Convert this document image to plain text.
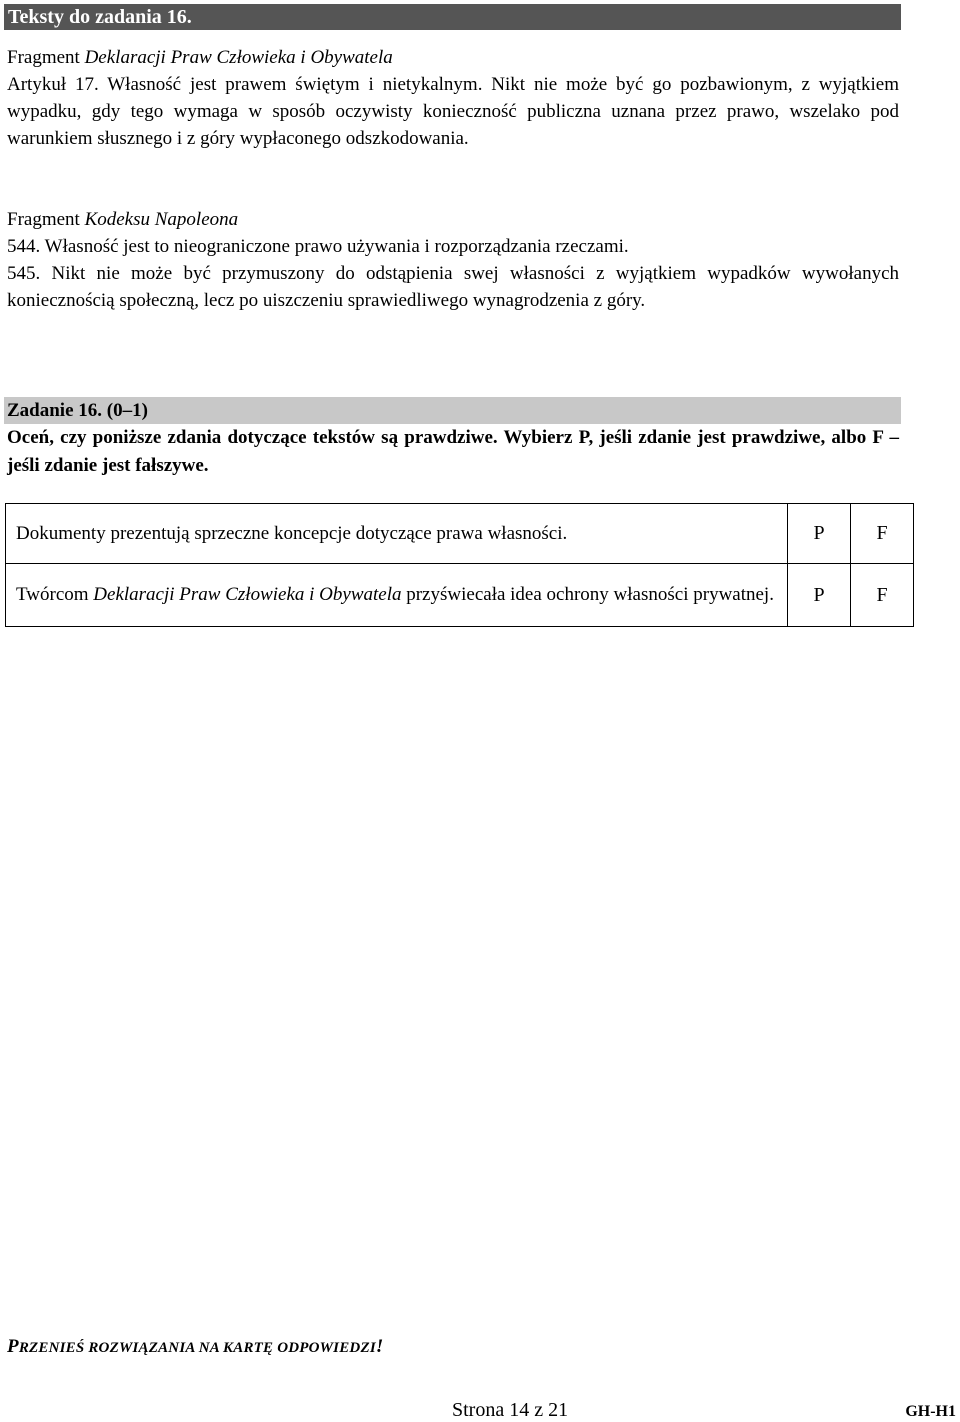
Teksty do zadania 16.
Fragment Deklaracji Praw Człowieka i Obywatela
Artykuł 17. Własność jest prawem świętym i nietykalnym. Nikt nie może być go pozbawionym, z wyjątkiem wypadku, gdy tego wymaga w sposób oczywisty konieczność publiczna uznana przez prawo, wszelako pod warunkiem słusznego i z góry wypłaconego odszkodowania.
Fragment Kodeksu Napoleona
544. Własność jest to nieograniczone prawo używania i rozporządzania rzeczami.
545. Nikt nie może być przymuszony do odstąpienia swej własności z wyjątkiem wypadków wywołanych koniecznością społeczną, lecz po uiszczeniu sprawiedliwego wynagrodzenia z góry.
Zadanie 16. (0–1)
Oceń, czy poniższe zdania dotyczące tekstów są prawdziwe. Wybierz P, jeśli zdanie jest prawdziwe, albo F – jeśli zdanie jest fałszywe.
Dokumenty prezentują sprzeczne koncepcje dotyczące prawa własności.	P	F
Twórcom Deklaracji Praw Człowieka i Obywatela przyświecała idea ochrony własności prywatnej.	P	F
PRZENIEŚ ROZWIĄZANIA NA KARTĘ ODPOWIEDZI!
Strona 14 z 21	GH-H1
